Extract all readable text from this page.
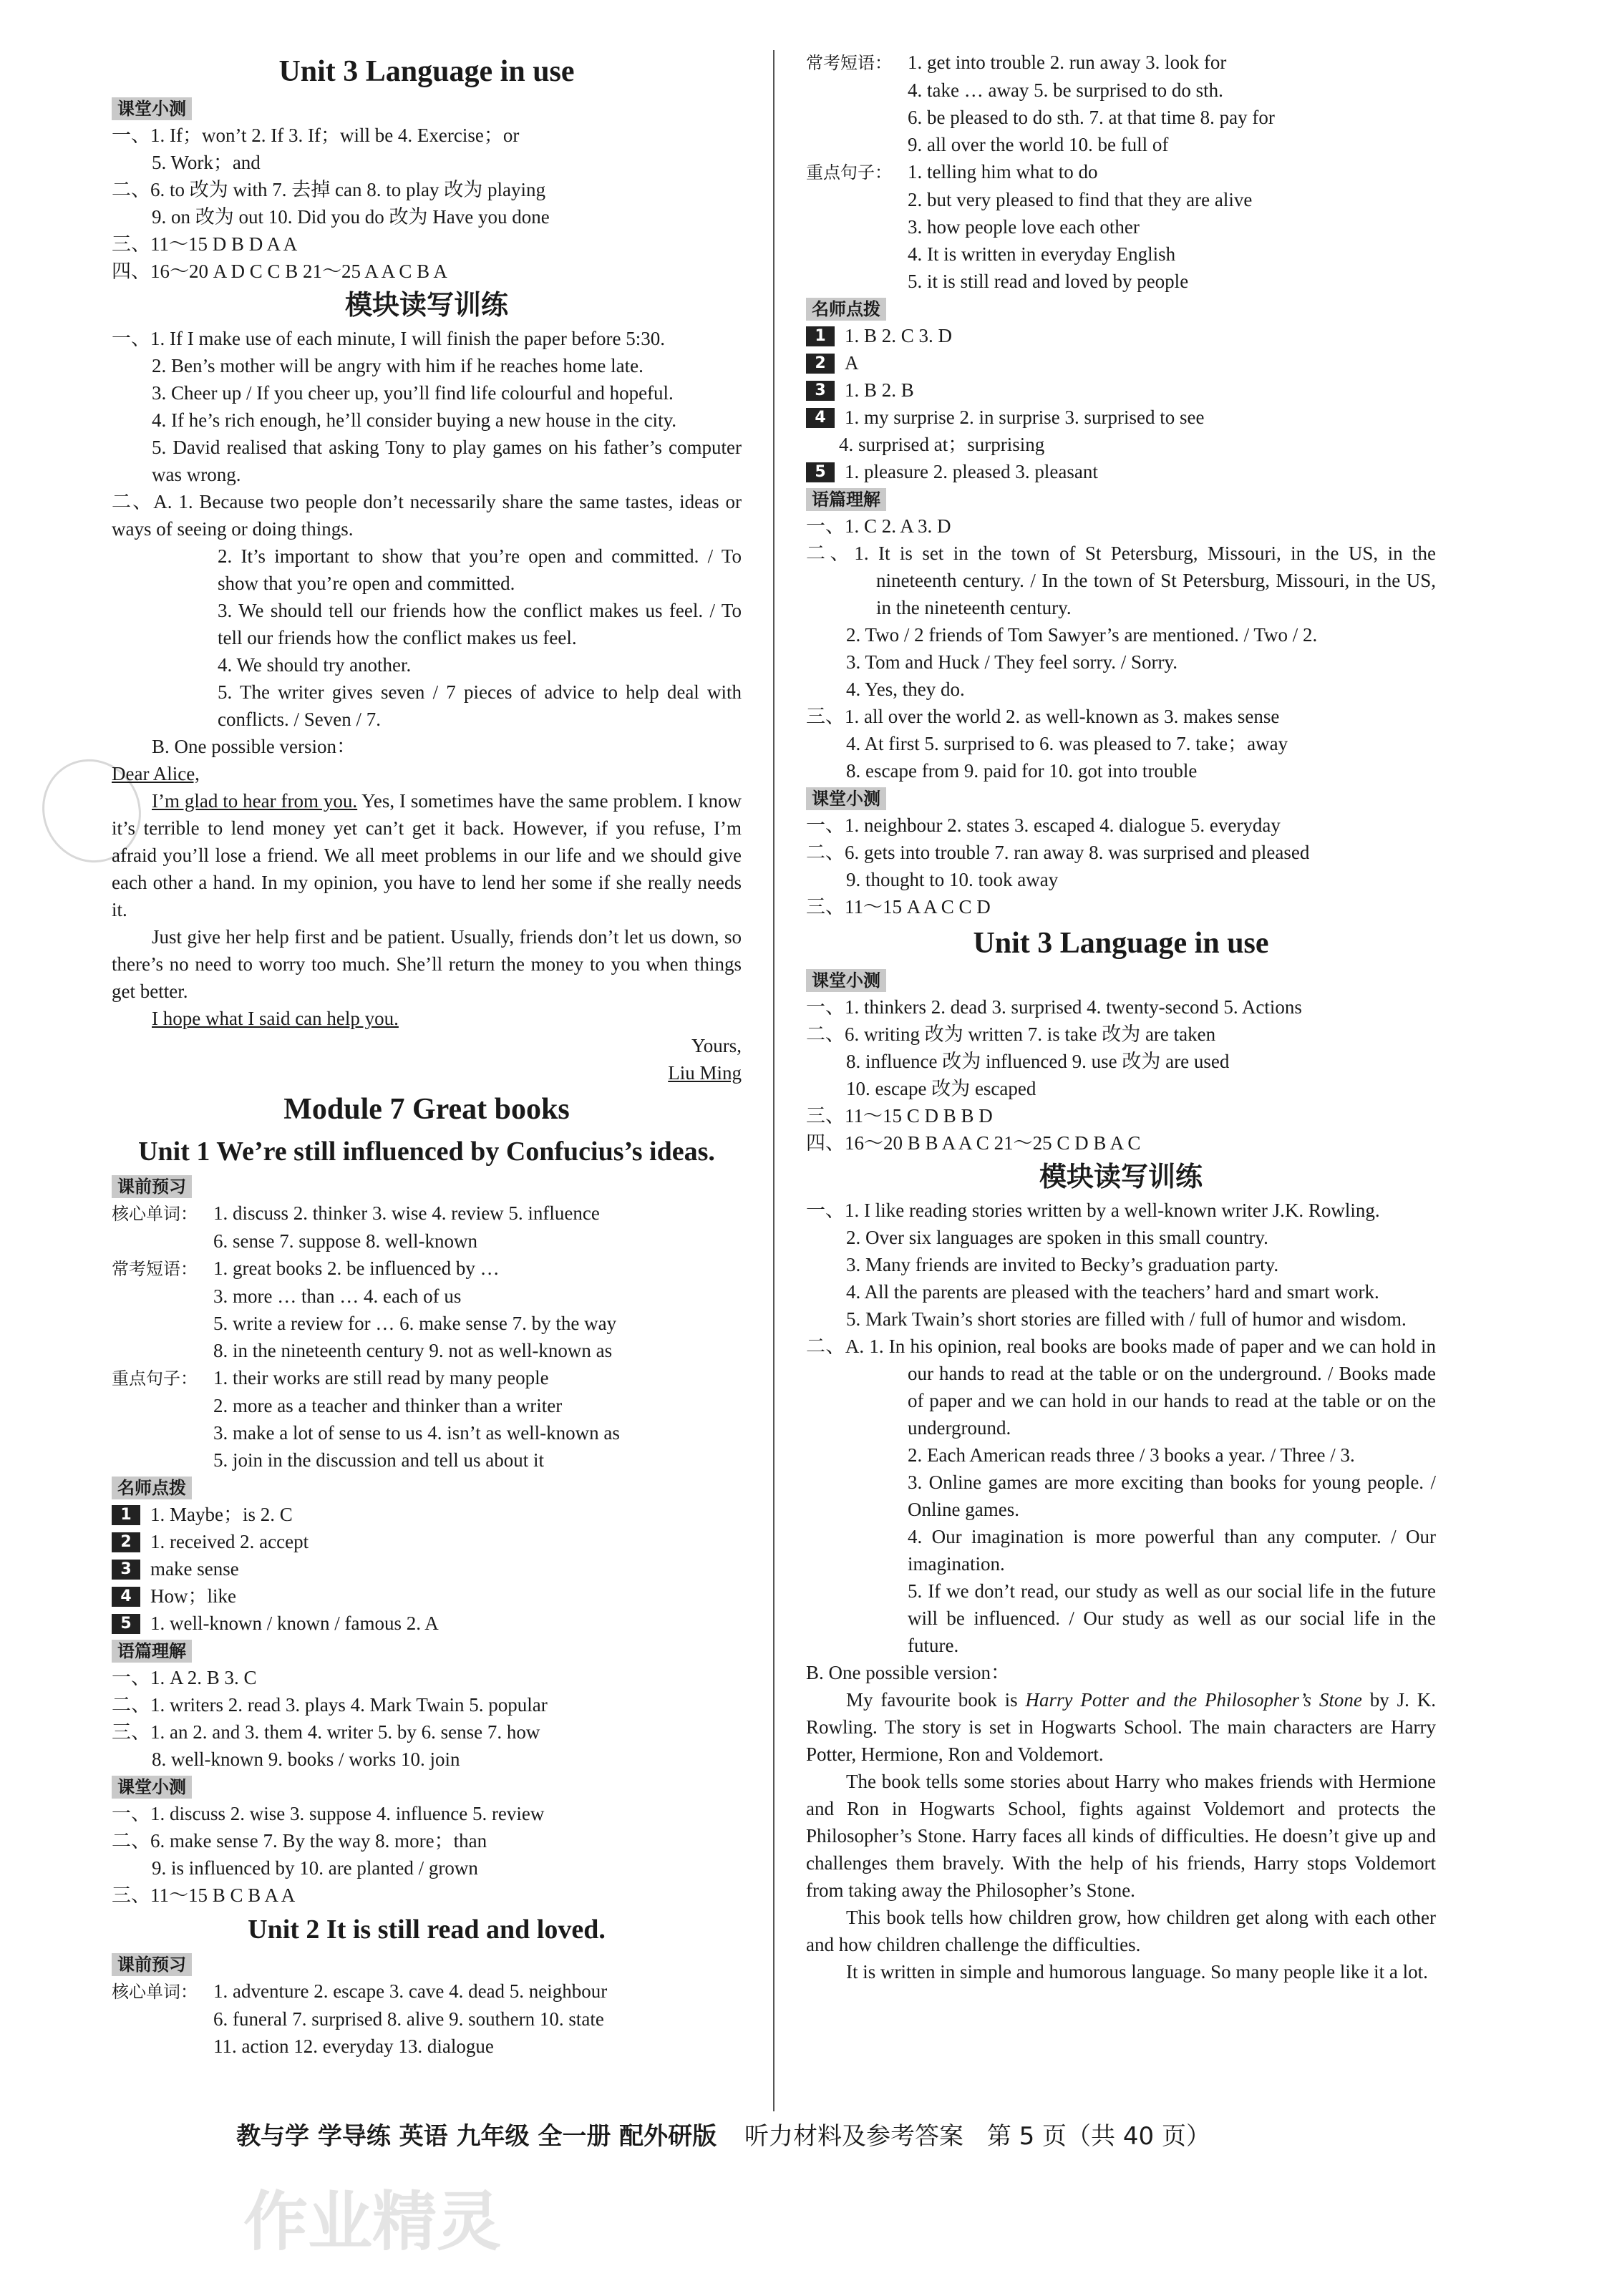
Unit 3 Language in use
课堂小测
一、1. If；won’t 2. If 3. If；will be 4. Exercise；or
5. Work；and
二、6. to 改为 with 7. 去掉 can 8. to play 改为 playing
9. on 改为 out 10. Did you do 改为 Have you done
三、11～15 D B D A A
四、16～20 A D C C B 21～25 A A C B A
模块读写训练
一、1. If I make use of each minute, I will finish the paper before 5:30.
2. Ben’s mother will be angry with him if he reaches home late.
3. Cheer up / If you cheer up, you’ll find life colourful and hopeful.
4. If he’s rich enough, he’ll consider buying a new house in the city.
5. David realised that asking Tony to play games on his father’s computer was wrong.
二、A. 1. Because two people don’t necessarily share the same tastes, ideas or ways of seeing or doing things.
2. It’s important to show that you’re open and committed. / To show that you’re open and committed.
3. We should tell our friends how the conflict makes us feel. / To tell our friends how the conflict makes us feel.
4. We should try another.
5. The writer gives seven / 7 pieces of advice to help deal with conflicts. / Seven / 7.
B. One possible version：
Dear Alice,
I’m glad to hear from you. Yes, I sometimes have the same problem. I know it’s terrible to lend money yet can’t get it back. However, if you refuse, I’m afraid you’ll lose a friend. We all meet problems in our life and we should give each other a hand. In my opinion, you have to lend her some if she really needs it.
Just give her help first and be patient. Usually, friends don’t let us down, so there’s no need to worry too much. She’ll return the money to you when things get better.
I hope what I said can help you.
Yours,
Liu Ming
Module 7 Great books
Unit 1 We’re still influenced by Confucius’s ideas.
课前预习
核心单词： 1. discuss 2. thinker 3. wise 4. review 5. influence
6. sense 7. suppose 8. well-known
常考短语： 1. great books 2. be influenced by …
3. more … than … 4. each of us
5. write a review for … 6. make sense 7. by the way
8. in the nineteenth century 9. not as well-known as
重点句子： 1. their works are still read by many people
2. more as a teacher and thinker than a writer
3. make a lot of sense to us 4. isn’t as well-known as
5. join in the discussion and tell us about it
名师点拨
1 1. Maybe；is 2. C
2 1. received 2. accept
3 make sense
4 How；like
5 1. well-known / known / famous 2. A
语篇理解
一、1. A 2. B 3. C
二、1. writers 2. read 3. plays 4. Mark Twain 5. popular
三、1. an 2. and 3. them 4. writer 5. by 6. sense 7. how
8. well-known 9. books / works 10. join
课堂小测
一、1. discuss 2. wise 3. suppose 4. influence 5. review
二、6. make sense 7. By the way 8. more；than
9. is influenced by 10. are planted / grown
三、11～15 B C B A A
Unit 2 It is still read and loved.
课前预习
核心单词： 1. adventure 2. escape 3. cave 4. dead 5. neighbour
6. funeral 7. surprised 8. alive 9. southern 10. state
11. action 12. everyday 13. dialogue
常考短语： 1. get into trouble 2. run away 3. look for
4. take … away 5. be surprised to do sth.
6. be pleased to do sth. 7. at that time 8. pay for
9. all over the world 10. be full of
重点句子： 1. telling him what to do
2. but very pleased to find that they are alive
3. how people love each other
4. It is written in everyday English
5. it is still read and loved by people
名师点拨
1 1. B 2. C 3. D
2 A
3 1. B 2. B
4 1. my surprise 2. in surprise 3. surprised to see
4. surprised at；surprising
5 1. pleasure 2. pleased 3. pleasant
语篇理解
一、1. C 2. A 3. D
二、1. It is set in the town of St Petersburg, Missouri, in the US, in the nineteenth century. / In the town of St Petersburg, Missouri, in the US, in the nineteenth century.
2. Two / 2 friends of Tom Sawyer’s are mentioned. / Two / 2.
3. Tom and Huck / They feel sorry. / Sorry.
4. Yes, they do.
三、1. all over the world 2. as well-known as 3. makes sense
4. At first 5. surprised to 6. was pleased to 7. take；away
8. escape from 9. paid for 10. got into trouble
课堂小测
一、1. neighbour 2. states 3. escaped 4. dialogue 5. everyday
二、6. gets into trouble 7. ran away 8. was surprised and pleased
9. thought to 10. took away
三、11～15 A A C C D
Unit 3 Language in use
课堂小测
一、1. thinkers 2. dead 3. surprised 4. twenty-second 5. Actions
二、6. writing 改为 written 7. is take 改为 are taken
8. influence 改为 influenced 9. use 改为 are used
10. escape 改为 escaped
三、11～15 C D B B D
四、16～20 B B A A C 21～25 C D B A C
模块读写训练
一、1. I like reading stories written by a well-known writer J.K. Rowling.
2. Over six languages are spoken in this small country.
3. Many friends are invited to Becky’s graduation party.
4. All the parents are pleased with the teachers’ hard and smart work.
5. Mark Twain’s short stories are filled with / full of humor and wisdom.
二、A. 1. In his opinion, real books are books made of paper and we can hold in our hands to read at the table or on the underground. / Books made of paper and we can hold in our hands to read at the table or on the underground.
2. Each American reads three / 3 books a year. / Three / 3.
3. Online games are more exciting than books for young people. / Online games.
4. Our imagination is more powerful than any computer. / Our imagination.
5. If we don’t read, our study as well as our social life in the future will be influenced. / Our study as well as our social life in the future.
B. One possible version：
My favourite book is Harry Potter and the Philosopher’s Stone by J. K. Rowling. The story is set in Hogwarts School. The main characters are Harry Potter, Hermione, Ron and Voldemort.
The book tells some stories about Harry who makes friends with Hermione and Ron in Hogwarts School, fights against Voldemort and protects the Philosopher’s Stone. Harry faces all kinds of difficulties. He doesn’t give up and challenges them bravely. With the help of his friends, Harry stops Voldemort from taking away the Philosopher’s Stone.
This book tells how children grow, how children get along with each other and how children challenge the difficulties.
It is written in simple and humorous language. So many people like it a lot.
教与学 学导练 英语 九年级 全一册 配外研版 听力材料及参考答案 第 5 页（共 40 页）
作业精灵
